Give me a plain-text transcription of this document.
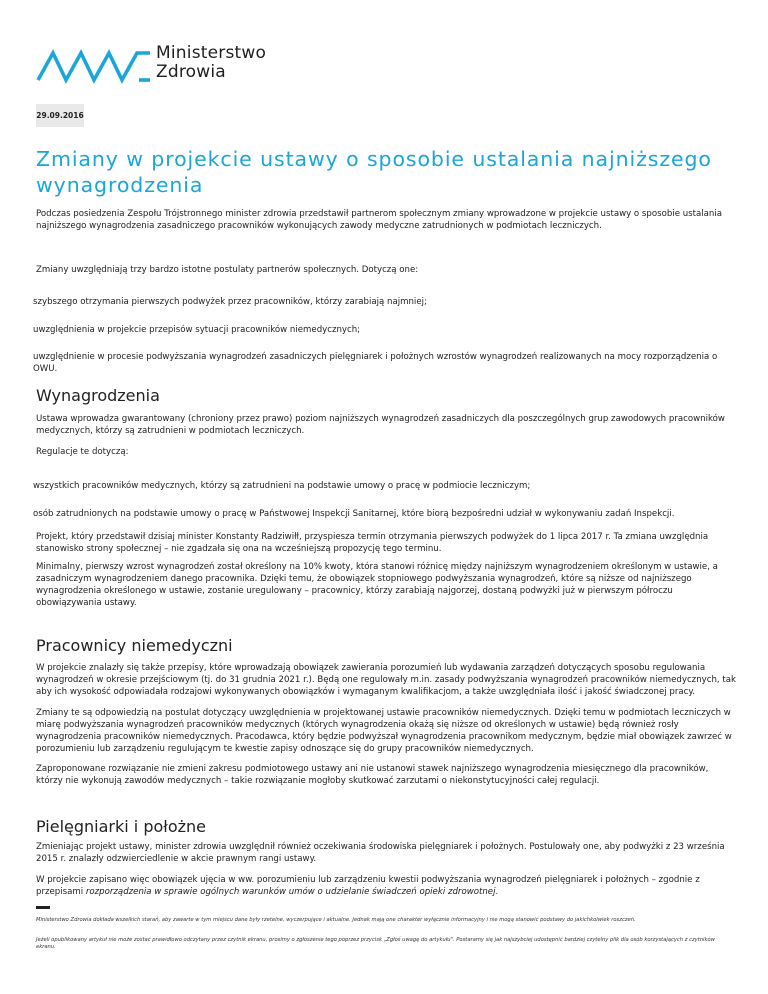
Ministerstwo
Zdrowia
29.09.2016
Zmiany w projekcie ustawy o sposobie ustalania najniższego wynagrodzenia

Podczas posiedzenia Zespołu Trójstronnego minister zdrowia przedstawił partnerom społecznym zmiany wprowadzone w projekcie ustawy o sposobie ustalania najniższego wynagrodzenia zasadniczego pracowników wykonujących zawody medyczne zatrudnionych w podmiotach leczniczych.

Zmiany uwzględniają trzy bardzo istotne postulaty partnerów społecznych. Dotyczą one:

szybszego otrzymania pierwszych podwyżek przez pracowników, którzy zarabiają najmniej;

uwzględnienia w projekcie przepisów sytuacji pracowników niemedycznych;

uwzględnienie w procesie podwyższania wynagrodzeń zasadniczych pielęgniarek i położnych wzrostów wynagrodzeń realizowanych na mocy rozporządzenia o OWU.

Wynagrodzenia

Ustawa wprowadza gwarantowany (chroniony przez prawo) poziom najniższych wynagrodzeń zasadniczych dla poszczególnych grup zawodowych pracowników medycznych, którzy są zatrudnieni w podmiotach leczniczych.

Regulacje te dotyczą:

wszystkich pracowników medycznych, którzy są zatrudnieni na podstawie umowy o pracę w podmiocie leczniczym;

osób zatrudnionych na podstawie umowy o pracę w Państwowej Inspekcji Sanitarnej, które biorą bezpośredni udział w wykonywaniu zadań Inspekcji.

Projekt, który przedstawił dzisiaj minister Konstanty Radziwiłł, przyspiesza termin otrzymania pierwszych podwyżek do 1 lipca 2017 r. Ta zmiana uwzględnia stanowisko strony społecznej – nie zgadzała się ona na wcześniejszą propozycję tego terminu.

Minimalny, pierwszy wzrost wynagrodzeń został określony na 10% kwoty, która stanowi różnicę między najniższym wynagrodzeniem określonym w ustawie, a zasadniczym wynagrodzeniem danego pracownika. Dzięki temu, że obowiązek stopniowego podwyższania wynagrodzeń, które są niższe od najniższego wynagrodzenia określonego w ustawie, zostanie uregulowany – pracownicy, którzy zarabiają najgorzej, dostaną podwyżki już w pierwszym półroczu obowiązywania ustawy.

Pracownicy niemedyczni

W projekcie znalazły się także przepisy, które wprowadzają obowiązek zawierania porozumień lub wydawania zarządzeń dotyczących sposobu regulowania wynagrodzeń w okresie przejściowym (tj. do 31 grudnia 2021 r.). Będą one regulowały m.in. zasady podwyższania wynagrodzeń pracowników niemedycznych, tak aby ich wysokość odpowiadała rodzajowi wykonywanych obowiązków i wymaganym kwalifikacjom, a także uwzględniała ilość i jakość świadczonej pracy.

Zmiany te są odpowiedzią na postulat dotyczący uwzględnienia w projektowanej ustawie pracowników niemedycznych. Dzięki temu w podmiotach leczniczych w miarę podwyższania wynagrodzeń pracowników medycznych (których wynagrodzenia okażą się niższe od określonych w ustawie) będą również rosły wynagrodzenia pracowników niemedycznych. Pracodawca, który będzie podwyższał wynagrodzenia pracownikom medycznym, będzie miał obowiązek zawrzeć w porozumieniu lub zarządzeniu regulującym te kwestie zapisy odnoszące się do grupy pracowników niemedycznych.

Zaproponowane rozwiązanie nie zmieni zakresu podmiotowego ustawy ani nie ustanowi stawek najniższego wynagrodzenia miesięcznego dla pracowników, którzy nie wykonują zawodów medycznych – takie rozwiązanie mogłoby skutkować zarzutami o niekonstytucyjności całej regulacji.

Pielęgniarki i położne

Zmieniając projekt ustawy, minister zdrowia uwzględnił również oczekiwania środowiska pielęgniarek i położnych. Postulowały one, aby podwyżki z 23 września 2015 r. znalazły odzwierciedlenie w akcie prawnym rangi ustawy.

W projekcie zapisano więc obowiązek ujęcia w ww. porozumieniu lub zarządzeniu kwestii podwyższania wynagrodzeń pielęgniarek i położnych – zgodnie z przepisami rozporządzenia w sprawie ogólnych warunków umów o udzielanie świadczeń opieki zdrowotnej.

Ministerstwo Zdrowia dokłada wszelkich starań, aby zawarte w tym miejscu dane były rzetelne, wyczerpujące i aktualne. Jednak mają one charakter wyłącznie informacyjny i nie mogą stanowić podstawy do jakichkolwiek roszczeń.

Jeżeli opublikowany artykuł nie może zostać prawidłowo odczytany przez czytnik ekranu, prosimy o zgłoszenie tego poprzez przycisk „Zgłoś uwagę do artykułu". Postaramy się jak najszybciej udostępnić bardziej czytelny plik dla osób korzystających z czytników ekranu.
